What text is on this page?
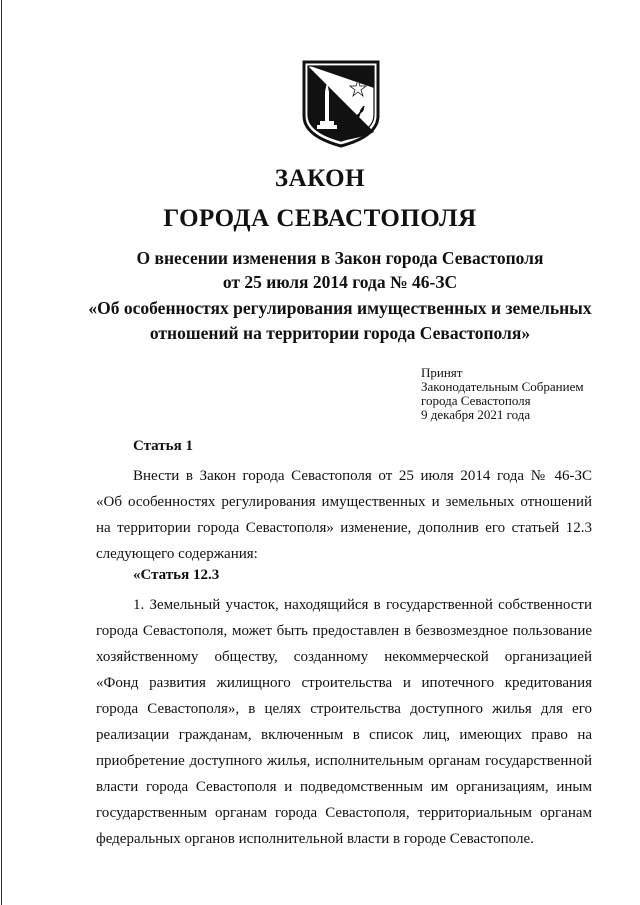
ЗАКОН
ГОРОДА СЕВАСТОПОЛЯ
О внесении изменения в Закон города Севастополя
от 25 июля 2014 года № 46-ЗС
«Об особенностях регулирования имущественных и земельных
отношений на территории города Севастополя»
Принят
Законодательным Собранием
города Севастополя
9 декабря 2021 года
Статья 1
Внести в Закон города Севастополя от 25 июля 2014 года № 46-ЗС
«Об особенностях регулирования имущественных и земельных отношений
на территории города Севастополя» изменение, дополнив его статьей 12.3
следующего содержания:
«Статья 12.3
1. Земельный участок, находящийся в государственной собственности
города Севастополя, может быть предоставлен в безвозмездное пользование
хозяйственному обществу, созданному некоммерческой организацией
«Фонд развития жилищного строительства и ипотечного кредитования
города Севастополя», в целях строительства доступного жилья для его
реализации гражданам, включенным в список лиц, имеющих право на
приобретение доступного жилья, исполнительным органам государственной
власти города Севастополя и подведомственным им организациям, иным
государственным органам города Севастополя, территориальным органам
федеральных органов исполнительной власти в городе Севастополе.
